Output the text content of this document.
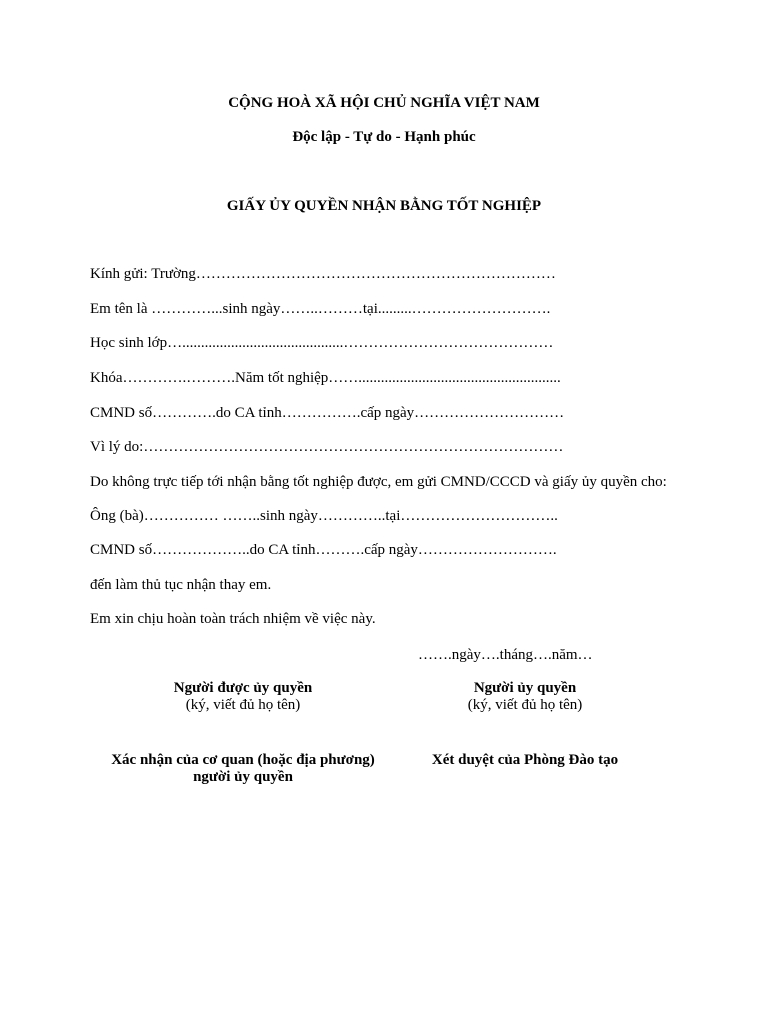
CỘNG HOÀ XÃ HỘI CHỦ NGHĨA VIỆT NAM
Độc lập - Tự do - Hạnh phúc
GIẤY ỦY QUYỀN NHẬN BẰNG TỐT NGHIỆP
Kính gửi: Trường………………………………………………………………
Em tên là …………...sinh ngày……..………tại.........……………………….
Học sinh lớp…...........................................……………………………………
Khóa………….……….Năm tốt nghiệp……......................................................
CMND số………….do CA tỉnh…………….cấp ngày…………………………
Vì lý do:…………………………………………………………………………
Do không trực tiếp tới nhận bằng tốt nghiệp được, em gửi CMND/CCCD và giấy ủy quyền cho:
Ông (bà)…………… ……..sinh ngày…………..tại…………………………..
CMND số………………..do CA tỉnh……….cấp ngày……………………….
đến làm thủ tục nhận thay em.
Em xin chịu hoàn toàn trách nhiệm về việc này.
…….ngày….tháng….năm…
Người được ủy quyền
(ký, viết đủ họ tên)
Người ủy quyền
(ký, viết đủ họ tên)
Xác nhận của cơ quan (hoặc địa phương)
người ủy quyền
Xét duyệt của Phòng Đào tạo
